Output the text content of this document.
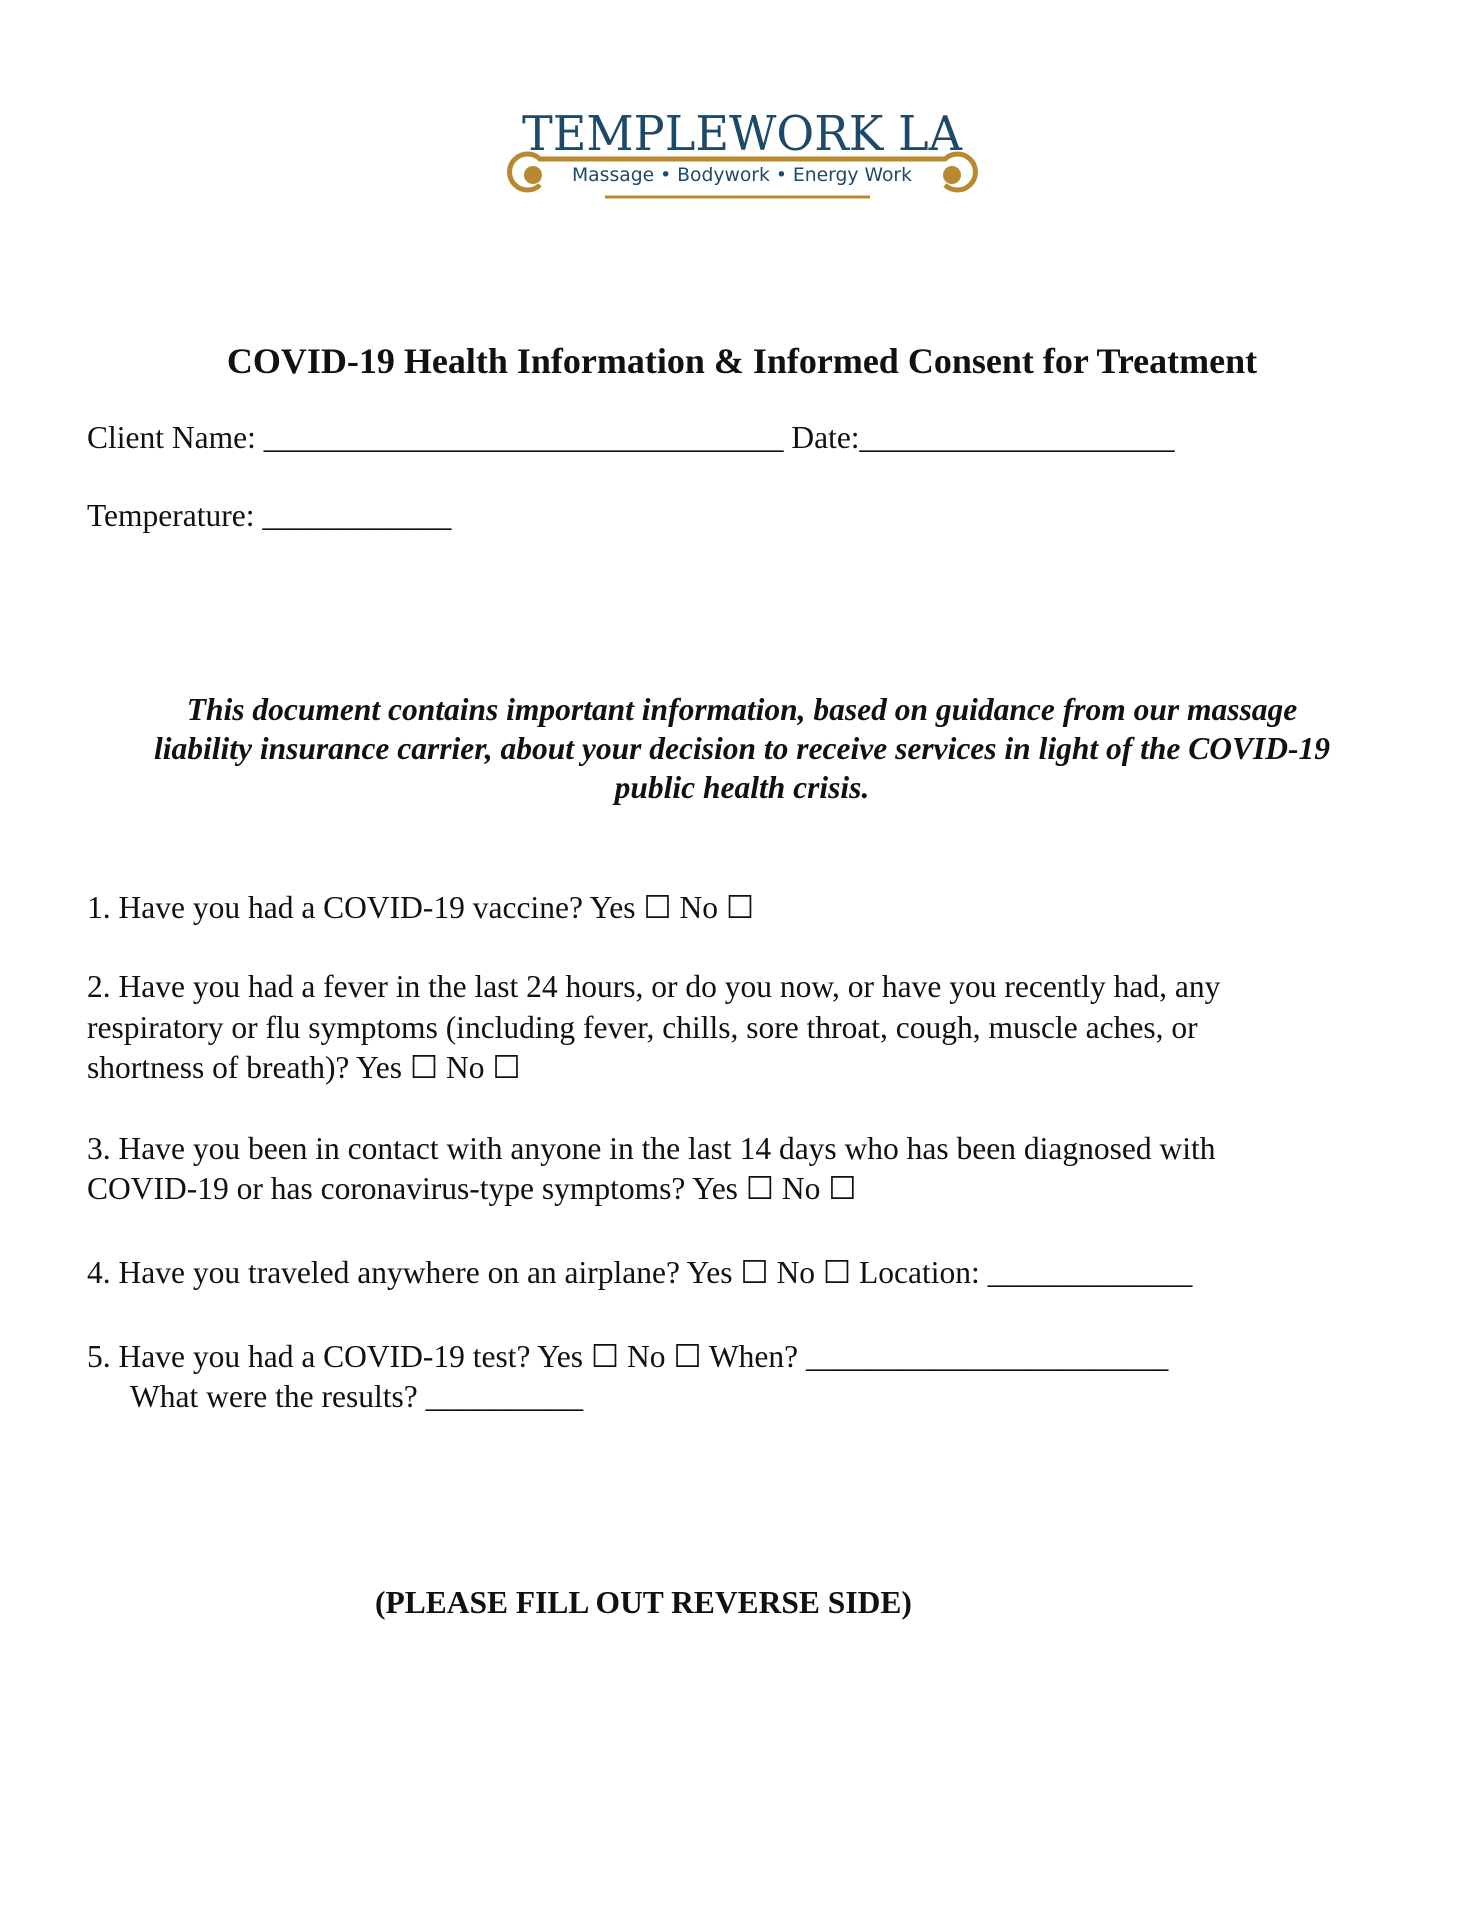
TEMPLEWORK LA
Massage • Bodywork • Energy Work
COVID-19 Health Information & Informed Consent for Treatment
Client Name: _________________________________ Date:____________________
Temperature: ____________
This document contains important information, based on guidance from our massage
liability insurance carrier, about your decision to receive services in light of the COVID-19
public health crisis.
1. Have you had a COVID-19 vaccine? Yes ☐ No ☐
2. Have you had a fever in the last 24 hours, or do you now, or have you recently had, any
respiratory or flu symptoms (including fever, chills, sore throat, cough, muscle aches, or
shortness of breath)? Yes ☐ No ☐
3. Have you been in contact with anyone in the last 14 days who has been diagnosed with
COVID-19 or has coronavirus-type symptoms? Yes ☐ No ☐
4. Have you traveled anywhere on an airplane? Yes ☐ No ☐ Location: _____________
5. Have you had a COVID-19 test? Yes ☐ No ☐ When? _______________________
What were the results? __________
(PLEASE FILL OUT REVERSE SIDE)
